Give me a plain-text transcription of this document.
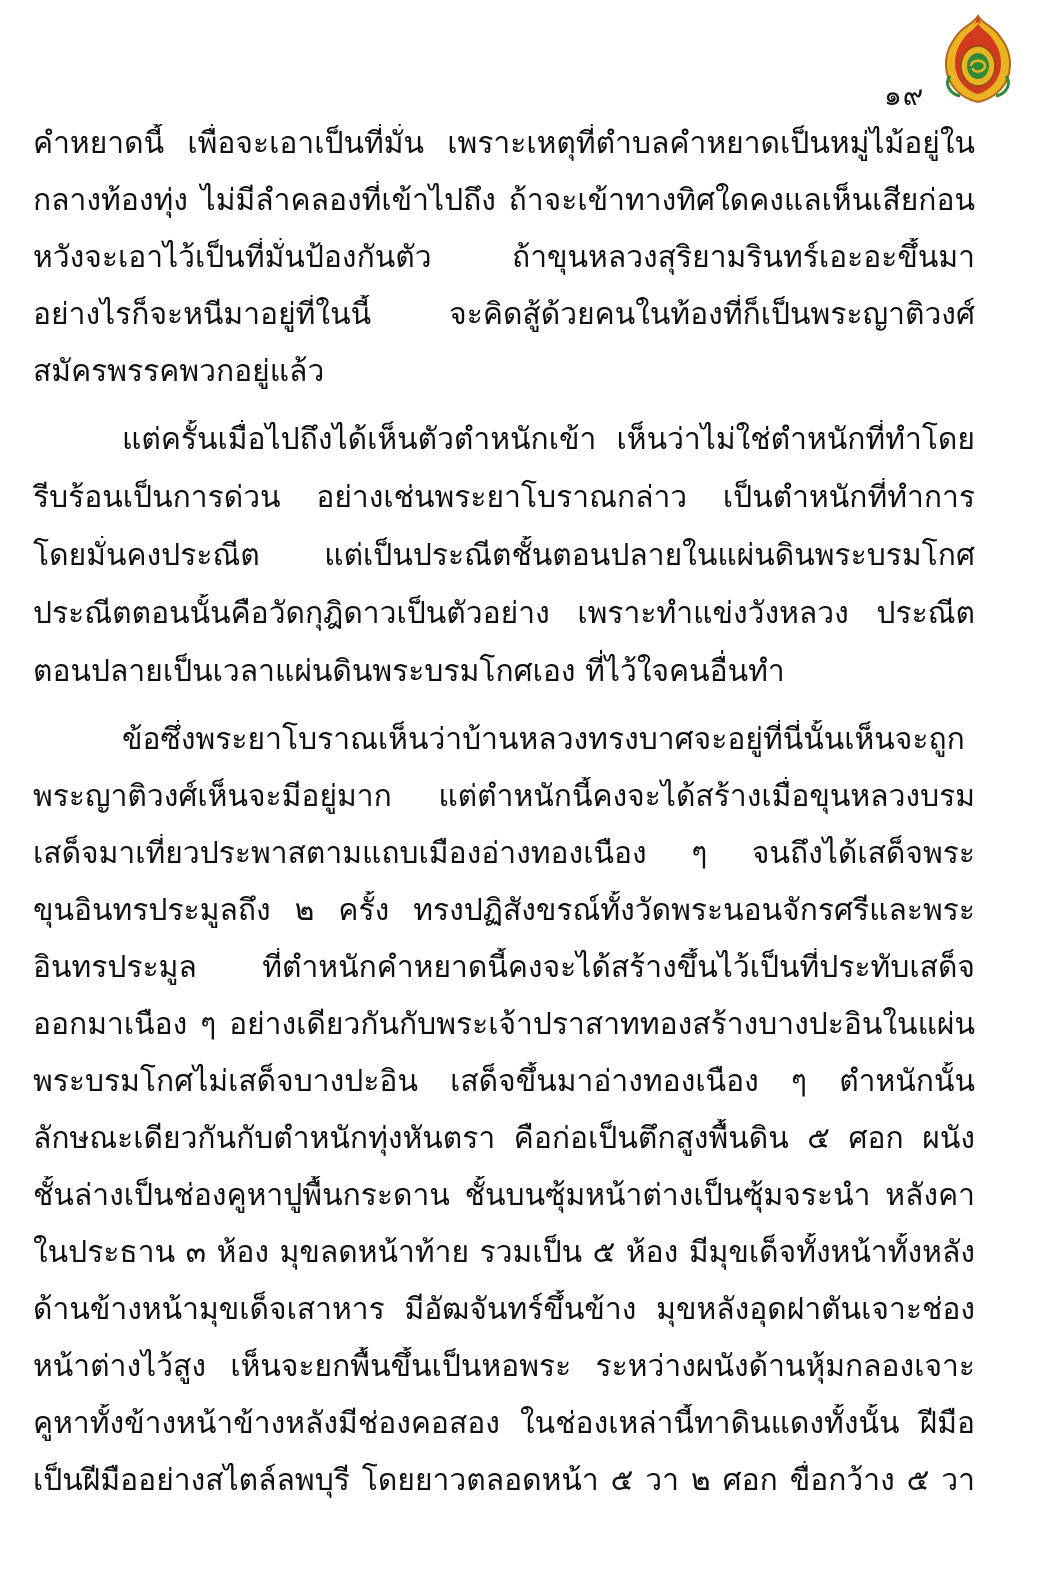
๑๙
คำหยาดนี้ เพื่อจะเอาเป็นที่มั่น เพราะเหตุที่ตำบลคำหยาดเป็นหมู่ไม้อยู่ใน
กลางท้องทุ่ง ไม่มีลำคลองที่เข้าไปถึง ถ้าจะเข้าทางทิศใดคงแลเห็นเสียก่อน
หวังจะเอาไว้เป็นที่มั่นป้องกันตัว ถ้าขุนหลวงสุริยามรินทร์เอะอะขึ้นมา
อย่างไรก็จะหนีมาอยู่ที่ในนี้ จะคิดสู้ด้วยคนในท้องที่ก็เป็นพระญาติวงศ์
สมัครพรรคพวกอยู่แล้ว
แต่ครั้นเมื่อไปถึงได้เห็นตัวตำหนักเข้า เห็นว่าไม่ใช่ตำหนักที่ทำโดย
รีบร้อนเป็นการด่วน อย่างเช่นพระยาโบราณกล่าว เป็นตำหนักที่ทำการ
โดยมั่นคงประณีต แต่เป็นประณีตชั้นตอนปลายในแผ่นดินพระบรมโกศ
ประณีตตอนนั้นคือวัดกุฎิดาวเป็นตัวอย่าง เพราะทำแข่งวังหลวง ประณีต
ตอนปลายเป็นเวลาแผ่นดินพระบรมโกศเอง ที่ไว้ใจคนอื่นทำ
ข้อซึ่งพระยาโบราณเห็นว่าบ้านหลวงทรงบาศจะอยู่ที่นี่นั้นเห็นจะถูก
พระญาติวงศ์เห็นจะมีอยู่มาก แต่ตำหนักนี้คงจะได้สร้างเมื่อขุนหลวงบรม
เสด็จมาเที่ยวประพาสตามแถบเมืองอ่างทองเนือง ๆ จนถึงได้เสด็จพระ
ขุนอินทรประมูลถึง ๒ ครั้ง ทรงปฏิสังขรณ์ทั้งวัดพระนอนจักรศรีและพระ
อินทรประมูล ที่ตำหนักคำหยาดนี้คงจะได้สร้างขึ้นไว้เป็นที่ประทับเสด็จ
ออกมาเนือง ๆ อย่างเดียวกันกับพระเจ้าปราสาททองสร้างบางปะอินในแผ่น
พระบรมโกศไม่เสด็จบางปะอิน เสด็จขึ้นมาอ่างทองเนือง ๆ ตำหนักนั้น
ลักษณะเดียวกันกับตำหนักทุ่งหันตรา คือก่อเป็นตึกสูงพื้นดิน ๕ ศอก ผนัง
ชั้นล่างเป็นช่องคูหาปูพื้นกระดาน ชั้นบนซุ้มหน้าต่างเป็นซุ้มจระนำ หลังคา
ในประธาน ๓ ห้อง มุขลดหน้าท้าย รวมเป็น ๕ ห้อง มีมุขเด็จทั้งหน้าทั้งหลัง
ด้านข้างหน้ามุขเด็จเสาหาร มีอัฒจันทร์ขึ้นข้าง มุขหลังอุดฝาตันเจาะช่อง
หน้าต่างไว้สูง เห็นจะยกพื้นขึ้นเป็นหอพระ ระหว่างผนังด้านหุ้มกลองเจาะ
คูหาทั้งข้างหน้าข้างหลังมีช่องคอสอง ในช่องเหล่านี้ทาดินแดงทั้งนั้น ฝีมือ
เป็นฝีมืออย่างสไตล์ลพบุรี โดยยาวตลอดหน้า ๕ วา ๒ ศอก ขื่อกว้าง ๕ วา
